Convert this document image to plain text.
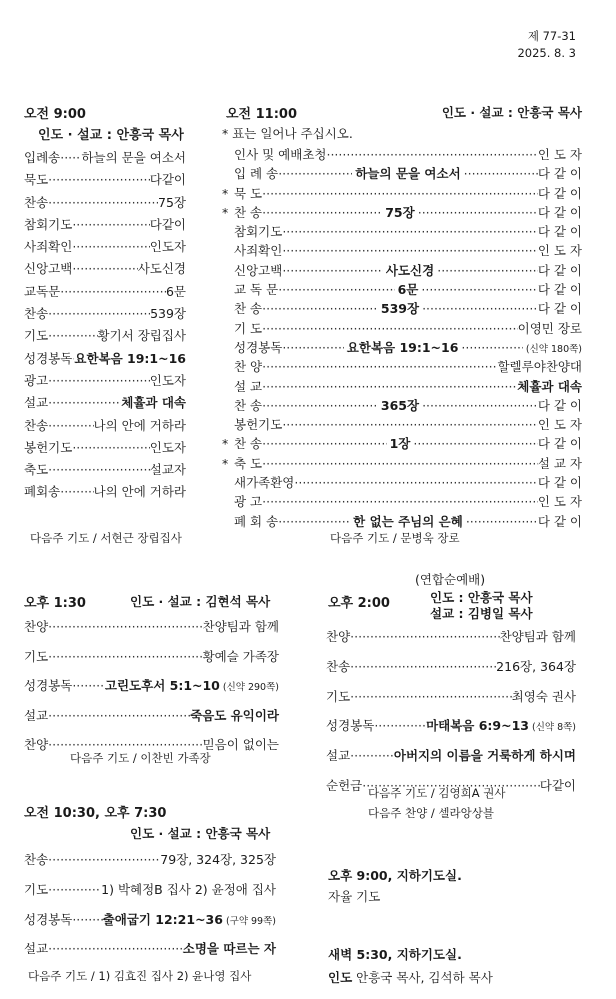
제 77-31
2025. 8. 3
오전 9:00
인도 · 설교 : 안흥국 목사
입례송 ····· 하늘의 문을 여소서
묵도 ·····	다같이
찬송 ·····	75장
참회기도 ·····	다같이
사죄확인 ·····	인도자
신앙고백 ·····	사도신경
교독문 ·····	6문
찬송 ·····	539장
기도 ·····	황기서 장립집사
성경봉독 ····· 요한복음 19:1~16
광고 ·····	인도자
설교 ·····	체휼과 대속
찬송 ·····	나의 안에 거하라
봉헌기도 ·····	인도자
축도 ·····	설교자
폐회송 ·····	나의 안에 거하라
다음주 기도 / 서현근 장립집사
오전 11:00	인도 · 설교 : 안흥국 목사
* 표는 일어나 주십시오.
인사 및 예배초청 ·····	인 도 자
입 례 송 ·····	하늘의 문을 여소서 ·····	다 같 이
* 묵 도 ·····	다 같 이
* 찬 송 ·····	75장 ·····	다 같 이
참회기도 ·····	다 같 이
사죄확인 ·····	인 도 자
신앙고백 ·····	사도신경 ·····	다 같 이
교 독 문 ·····	6문 ·····	다 같 이
찬 송 ·····	539장 ·····	다 같 이
기 도 ·····	이영민 장로
성경봉독 ·····	요한복음 19:1~16 ·····	(신약 180쪽)
찬 양 ·····	할렐루야찬양대
설 교 ·····	체휼과 대속
찬 송 ·····	365장 ·····	다 같 이
봉헌기도 ·····	인 도 자
* 찬 송 ·····	1장 ·····	다 같 이
* 축 도 ·····	설 교 자
새가족환영 ·····	다 같 이
광 고 ·····	인 도 자
폐 회 송 ·····	한 없는 주님의 은혜 ·····	다 같 이
다음주 기도 / 문병욱 장로
오후 1:30	인도 · 설교 : 김현석 목사
찬양 ·····	찬양팀과 함께
기도 ·····	황예슬 가족장
성경봉독 ·····	고린도후서 5:1~10 (신약 290쪽)
설교 ·····	죽음도 유익이라
찬양 ·····	믿음이 없이는
다음주 기도 / 이찬빈 가족장
(연합순예배)
오후 2:00	인도 : 안흥국 목사
설교 : 김병일 목사
찬양 ·····	찬양팀과 함께
찬송 ·····	216장, 364장
기도 ·····	최영숙 권사
성경봉독 ·····	마태복음 6:9~13 (신약 8쪽)
설교 ·····	아버지의 이름을 거룩하게 하시며
순헌금 ·····	다같이
다음주 기도 / 김영희A 권사
다음주 찬양 / 셀라앙상블
오전 10:30, 오후 7:30
인도 · 설교 : 안흥국 목사
찬송 ·····	79장, 324장, 325장
기도 ·····	1) 박혜정B 집사 2) 윤정애 집사
성경봉독 ····· 출애굽기 12:21~36 (구약 99쪽)
설교 ·····	소명을 따르는 자
다음주 기도 / 1) 김효진 집사 2) 윤나영 집사
오후 9:00, 지하기도실.
자율 기도
새벽 5:30, 지하기도실.
인도 안흥국 목사, 김석하 목사
